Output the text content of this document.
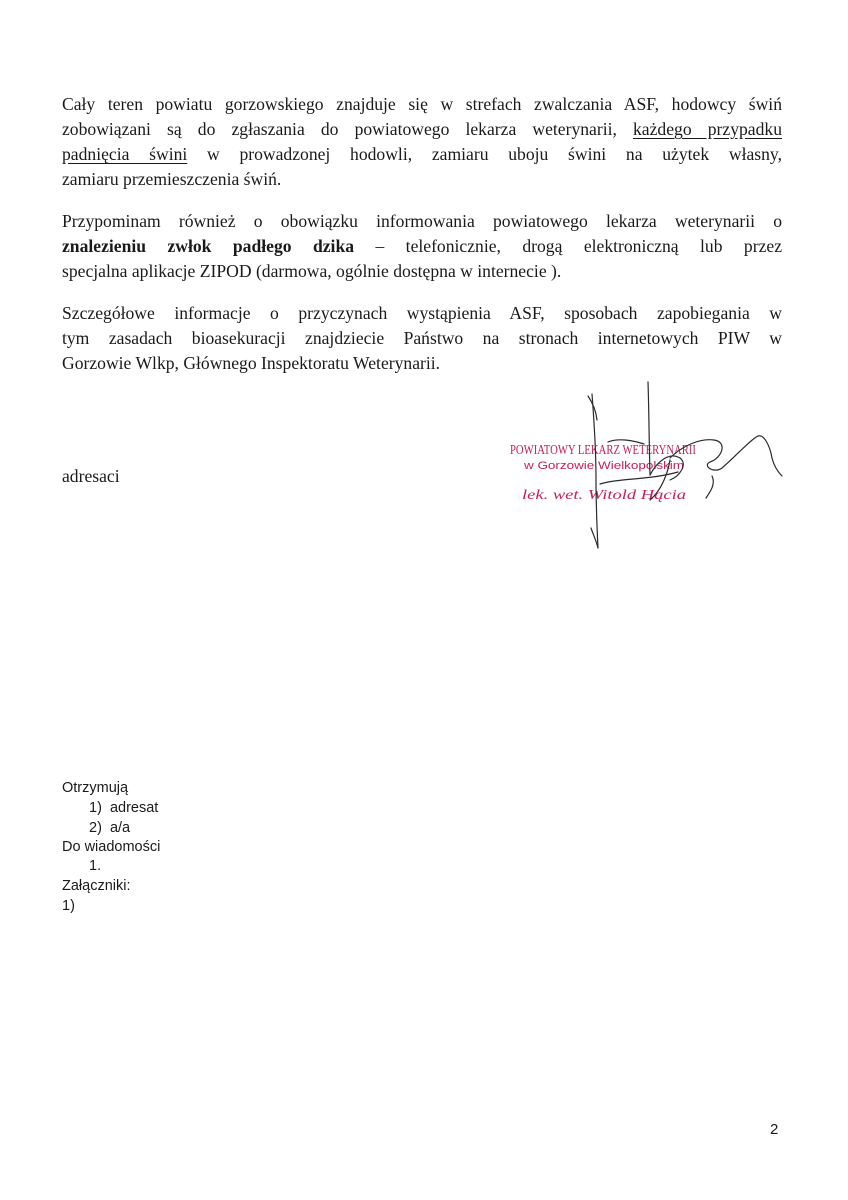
Cały teren powiatu gorzowskiego znajduje się w strefach zwalczania ASF, hodowcy świń
zobowiązani są do zgłaszania do powiatowego lekarza weterynarii, każdego przypadku
padnięcia świni w prowadzonej hodowli, zamiaru uboju świni na użytek własny,
zamiaru przemieszczenia świń.
Przypominam również o obowiązku informowania powiatowego lekarza weterynarii o
znalezieniu zwłok padłego dzika – telefonicznie, drogą elektroniczną lub przez
specjalna aplikacje ZIPOD (darmowa, ogólnie dostępna w internecie ).
Szczegółowe informacje o przyczynach wystąpienia ASF, sposobach zapobiegania w
tym zasadach bioasekuracji znajdziecie Państwo na stronach internetowych PIW w
Gorzowie Wlkp, Głównego Inspektoratu Weterynarii.
adresaci
POWIATOWY LEKARZ WETERYNARII
w Gorzowie Wielkopolskim
lek. wet. Witold Hącia
Otrzymują
1)  adresat
2)  a/a
Do wiadomości
1.
Załączniki:
1)
2
